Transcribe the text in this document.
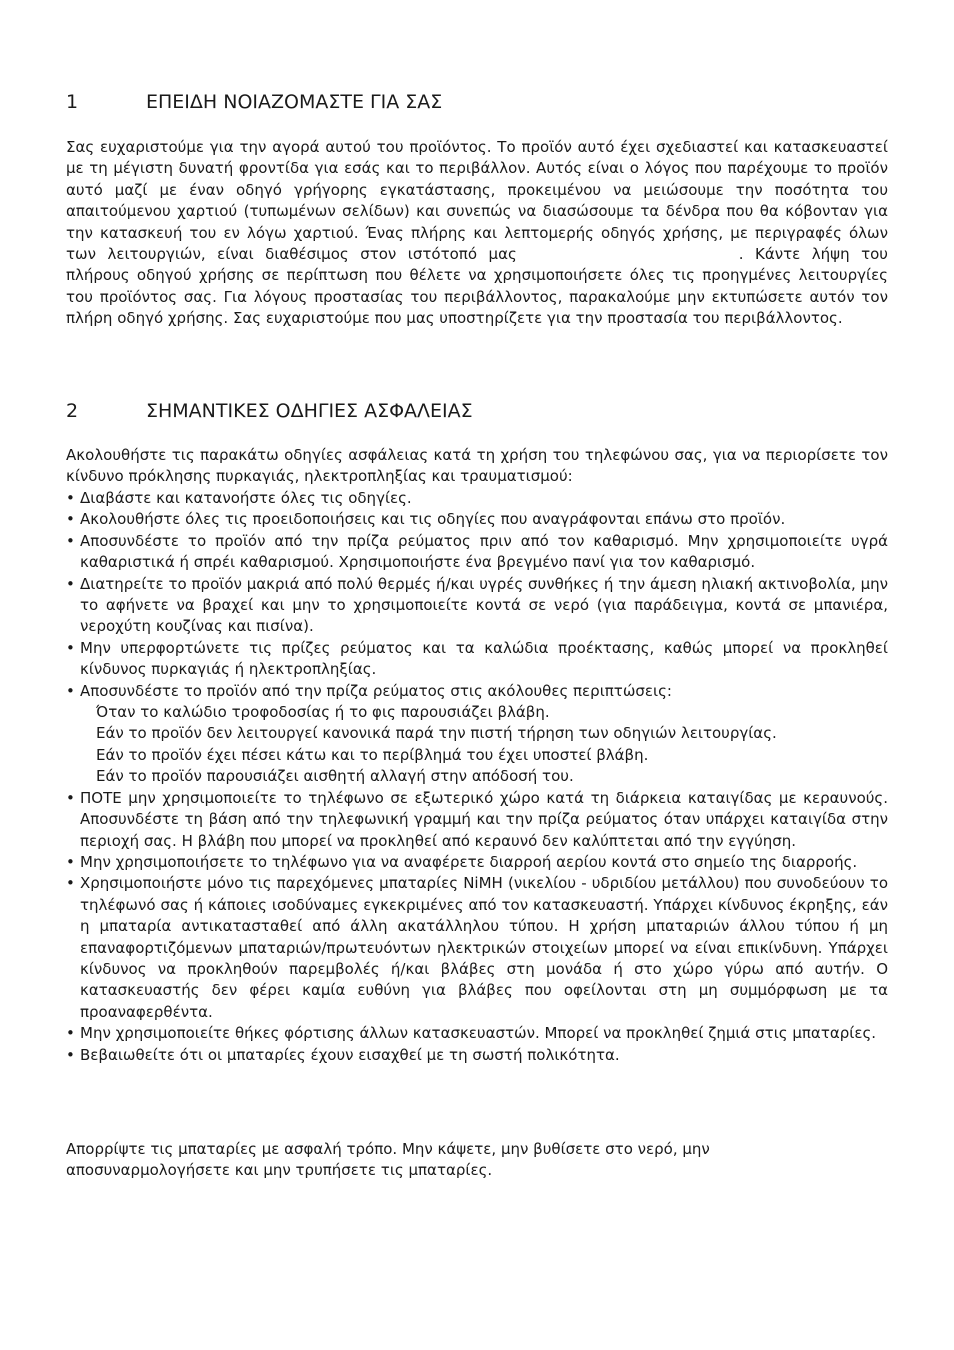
1	ΕΠΕΙΔΗ ΝΟΙΑΖΟΜΑΣΤΕ ΓΙΑ ΣΑΣ

Σας ευχαριστούμε για την αγορά αυτού του προϊόντος. Το προϊόν αυτό έχει σχεδιαστεί και κατασκευαστεί με τη μέγιστη δυνατή φροντίδα για εσάς και το περιβάλλον. Αυτός είναι ο λόγος που παρέχουμε το προϊόν αυτό μαζί με έναν οδηγό γρήγορης εγκατάστασης, προκειμένου να μειώσουμε την ποσότητα του απαιτούμενου χαρτιού (τυπωμένων σελίδων) και συνεπώς να διασώσουμε τα δένδρα που θα κόβονταν για την κατασκευή του εν λόγω χαρτιού. Ένας πλήρης και λεπτομερής οδηγός χρήσης, με περιγραφές όλων των λειτουργιών, είναι διαθέσιμος στον ιστότοπό μας	. Κάντε λήψη του πλήρους οδηγού χρήσης σε περίπτωση που θέλετε να χρησιμοποιήσετε όλες τις προηγμένες λειτουργίες του προϊόντος σας. Για λόγους προστασίας του περιβάλλοντος, παρακαλούμε μην εκτυπώσετε αυτόν τον πλήρη οδηγό χρήσης. Σας ευχαριστούμε που μας υποστηρίζετε για την προστασία του περιβάλλοντος.

2	ΣΗΜΑΝΤΙΚΕΣ ΟΔΗΓΙΕΣ ΑΣΦΑΛΕΙΑΣ

Ακολουθήστε τις παρακάτω οδηγίες ασφάλειας κατά τη χρήση του τηλεφώνου σας, για να περιορίσετε τον κίνδυνο πρόκλησης πυρκαγιάς, ηλεκτροπληξίας και τραυματισμού:

• Διαβάστε και κατανοήστε όλες τις οδηγίες.
• Ακολουθήστε όλες τις προειδοποιήσεις και τις οδηγίες που αναγράφονται επάνω στο προϊόν.
• Αποσυνδέστε το προϊόν από την πρίζα ρεύματος πριν από τον καθαρισμό. Μην χρησιμοποιείτε υγρά καθαριστικά ή σπρέι καθαρισμού. Χρησιμοποιήστε ένα βρεγμένο πανί για τον καθαρισμό.
• Διατηρείτε το προϊόν μακριά από πολύ θερμές ή/και υγρές συνθήκες ή την άμεση ηλιακή ακτινοβολία, μην το αφήνετε να βραχεί και μην το χρησιμοποιείτε κοντά σε νερό (για παράδειγμα, κοντά σε μπανιέρα, νεροχύτη κουζίνας και πισίνα).
• Μην υπερφορτώνετε τις πρίζες ρεύματος και τα καλώδια προέκτασης, καθώς μπορεί να προκληθεί κίνδυνος πυρκαγιάς ή ηλεκτροπληξίας.
• Αποσυνδέστε το προϊόν από την πρίζα ρεύματος στις ακόλουθες περιπτώσεις:
Όταν το καλώδιο τροφοδοσίας ή το φις παρουσιάζει βλάβη.
Εάν το προϊόν δεν λειτουργεί κανονικά παρά την πιστή τήρηση των οδηγιών λειτουργίας.
Εάν το προϊόν έχει πέσει κάτω και το περίβλημά του έχει υποστεί βλάβη.
Εάν το προϊόν παρουσιάζει αισθητή αλλαγή στην απόδοσή του.
• ΠΟΤΕ μην χρησιμοποιείτε το τηλέφωνο σε εξωτερικό χώρο κατά τη διάρκεια καταιγίδας με κεραυνούς. Αποσυνδέστε τη βάση από την τηλεφωνική γραμμή και την πρίζα ρεύματος όταν υπάρχει καταιγίδα στην περιοχή σας. Η βλάβη που μπορεί να προκληθεί από κεραυνό δεν καλύπτεται από την εγγύηση.
• Μην χρησιμοποιήσετε το τηλέφωνο για να αναφέρετε διαρροή αερίου κοντά στο σημείο της διαρροής.
• Χρησιμοποιήστε μόνο τις παρεχόμενες μπαταρίες NiMH (νικελίου - υδριδίου μετάλλου) που συνοδεύουν το τηλέφωνό σας ή κάποιες ισοδύναμες εγκεκριμένες από τον κατασκευαστή. Υπάρχει κίνδυνος έκρηξης, εάν η μπαταρία αντικατασταθεί από άλλη ακατάλληλου τύπου. Η χρήση μπαταριών άλλου τύπου ή μη επαναφορτιζόμενων μπαταριών/πρωτευόντων ηλεκτρικών στοιχείων μπορεί να είναι επικίνδυνη. Υπάρχει κίνδυνος να προκληθούν παρεμβολές ή/και βλάβες στη μονάδα ή στο χώρο γύρω από αυτήν. Ο κατασκευαστής δεν φέρει καμία ευθύνη για βλάβες που οφείλονται στη μη συμμόρφωση με τα προαναφερθέντα.
• Μην χρησιμοποιείτε θήκες φόρτισης άλλων κατασκευαστών. Μπορεί να προκληθεί ζημιά στις μπαταρίες.
• Βεβαιωθείτε ότι οι μπαταρίες έχουν εισαχθεί με τη σωστή πολικότητα.

Απορρίψτε τις μπαταρίες με ασφαλή τρόπο. Μην κάψετε, μην βυθίσετε στο νερό, μην αποσυναρμολογήσετε και μην τρυπήσετε τις μπαταρίες.
